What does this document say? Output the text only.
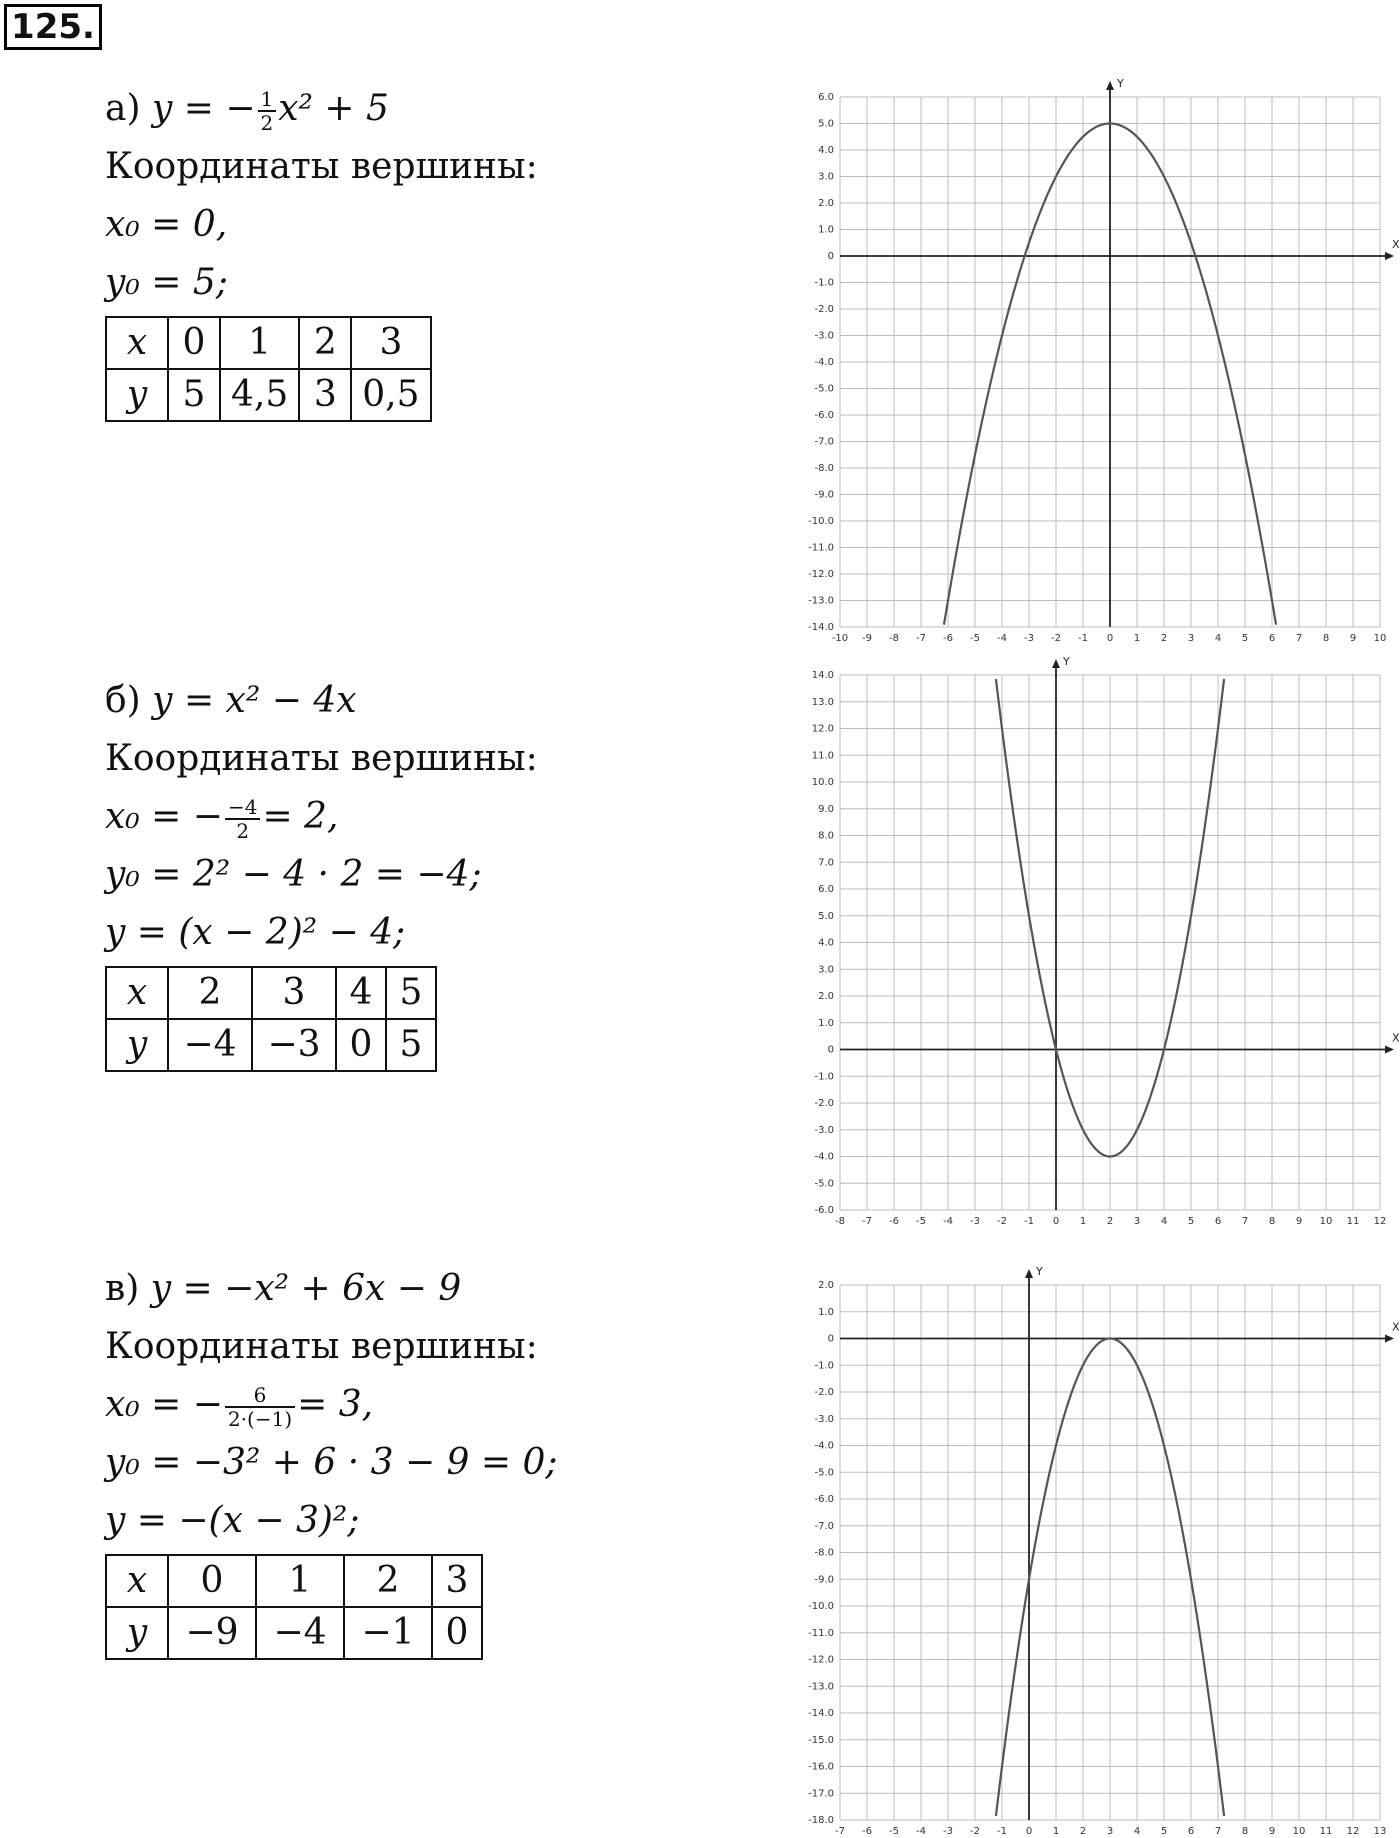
125.
а) y = − $\frac{1}{2} x^2 + 5$
Координаты вершины:
x₀ = 0,
y₀ = 5;
x	0	1	2	3
y	5	4,5	3	0,5
б) y = x² − 4x
Координаты вершины:
x₀ = − $\frac{-4}{2} = 2$,
y₀ = 2² − 4 · 2 = −4;
y = (x − 2)² − 4;
x	2	3	4	5
y	−4	−3	0	5
в) y = −x² + 6x − 9
Координаты вершины:
x₀ = − $\frac{6}{2\cdot(-1)} = 3$,
y₀ = −3² + 6 · 3 − 9 = 0;
y = −(x − 3)²;
x	0	1	2	3
y	−9	−4	−1	0
X
Y
-10 -9 -8 -7 -6 -5 -4 -3 -2 -1 0 1 2 3 4 5 6 7 8 9 10
6.0
5.0
4.0
3.0
2.0
1.0
0
-1.0
-2.0
-3.0
-4.0
-5.0
-6.0
-7.0
-8.0
-9.0
-10.0
-11.0
-12.0
-13.0
-14.0
X
Y
-8 -7 -6 -5 -4 -3 -2 -1 0 1 2 3 4 5 6 7 8 9 10 11 12
14.0
13.0
12.0
11.0
10.0
9.0
8.0
7.0
6.0
5.0
4.0
3.0
2.0
1.0
0
-1.0
-2.0
-3.0
-4.0
-5.0
-6.0
X
Y
-7 -6 -5 -4 -3 -2 -1 0 1 2 3 4 5 6 7 8 9 10 11 12 13
2.0
1.0
0
-1.0
-2.0
-3.0
-4.0
-5.0
-6.0
-7.0
-8.0
-9.0
-10.0
-11.0
-12.0
-13.0
-14.0
-15.0
-16.0
-17.0
-18.0
